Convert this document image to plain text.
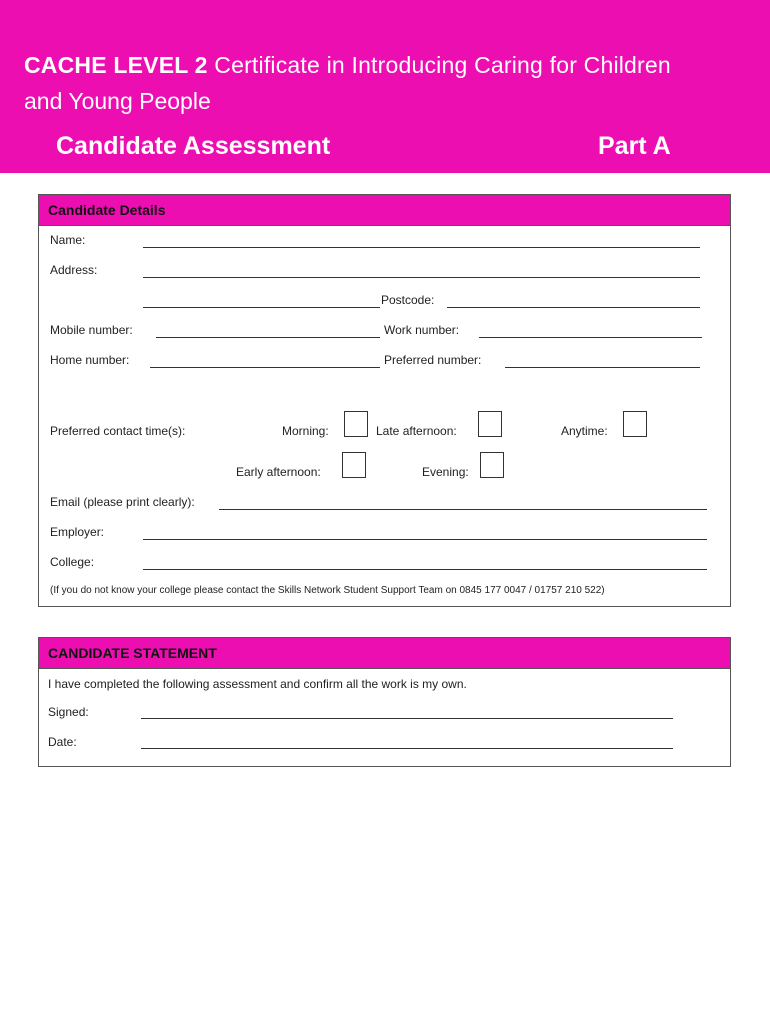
CACHE LEVEL 2 Certificate in Introducing Caring for Children
and Young People
Candidate Assessment	Part A
Candidate Details
Name:
Address:
Postcode:
Mobile number:	Work number:
Home number:	Preferred number:
Preferred contact time(s):	Morning:	Late afternoon:	Anytime:
Early afternoon:	Evening:
Email (please print clearly):
Employer:
College:
(If you do not know your college please contact the Skills Network Student Support Team on 0845 177 0047 / 01757 210 522)
CANDIDATE STATEMENT
I have completed the following assessment and confirm all the work is my own.
Signed:
Date:
